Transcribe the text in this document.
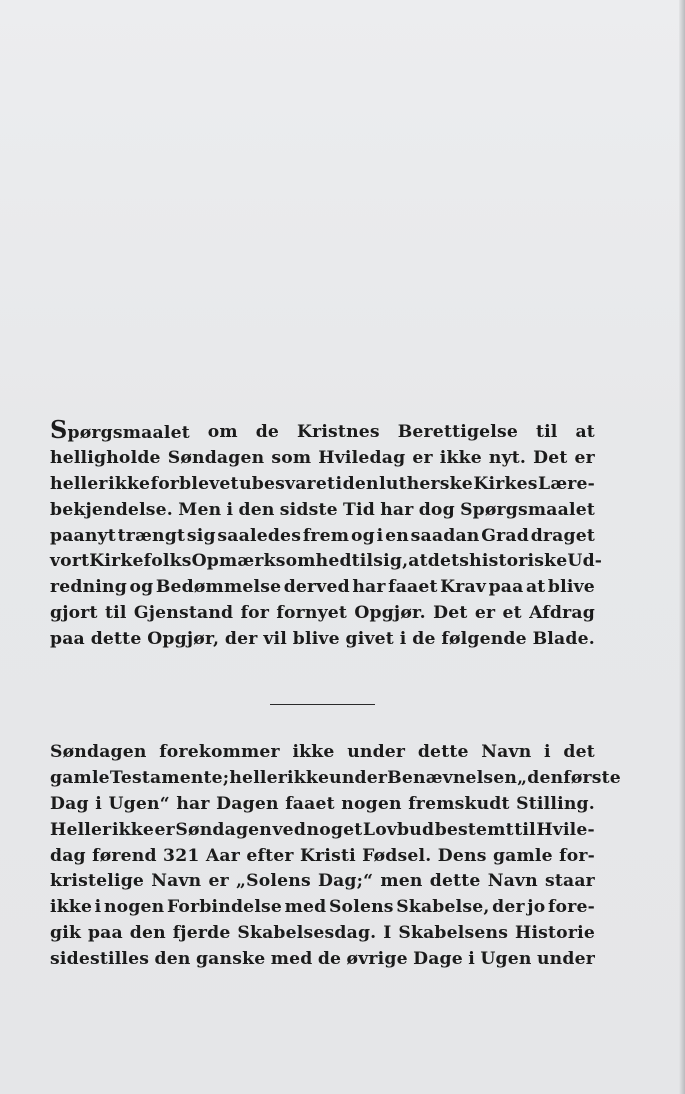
Spørgsmaalet om de Kristnes Berettigelse til at
helligholde Søndagen som Hviledag er ikke nyt. Det er
heller ikke forblevet ubesvaret i den lutherske Kirkes Lære-
bekjendelse. Men i den sidste Tid har dog Spørgsmaalet
paanyt trængt sig saaledes frem og i en saadan Grad draget
vort Kirkefolks Opmærksomhed til sig, at dets historiske Ud-
redning og Bedømmelse derved har faaet Krav paa at blive
gjort til Gjenstand for fornyet Opgjør. Det er et Afdrag
paa dette Opgjør, der vil blive givet i de følgende Blade.
Søndagen forekommer ikke under dette Navn i det
gamle Testamente; heller ikke under Benævnelsen „den første
Dag i Ugen“ har Dagen faaet nogen fremskudt Stilling.
Heller ikke er Søndagen ved noget Lovbud bestemt til Hvile-
dag førend 321 Aar efter Kristi Fødsel. Dens gamle for-
kristelige Navn er „Solens Dag;“ men dette Navn staar
ikke i nogen Forbindelse med Solens Skabelse, der jo fore-
gik paa den fjerde Skabelsesdag. I Skabelsens Historie
sidestilles den ganske med de øvrige Dage i Ugen under
